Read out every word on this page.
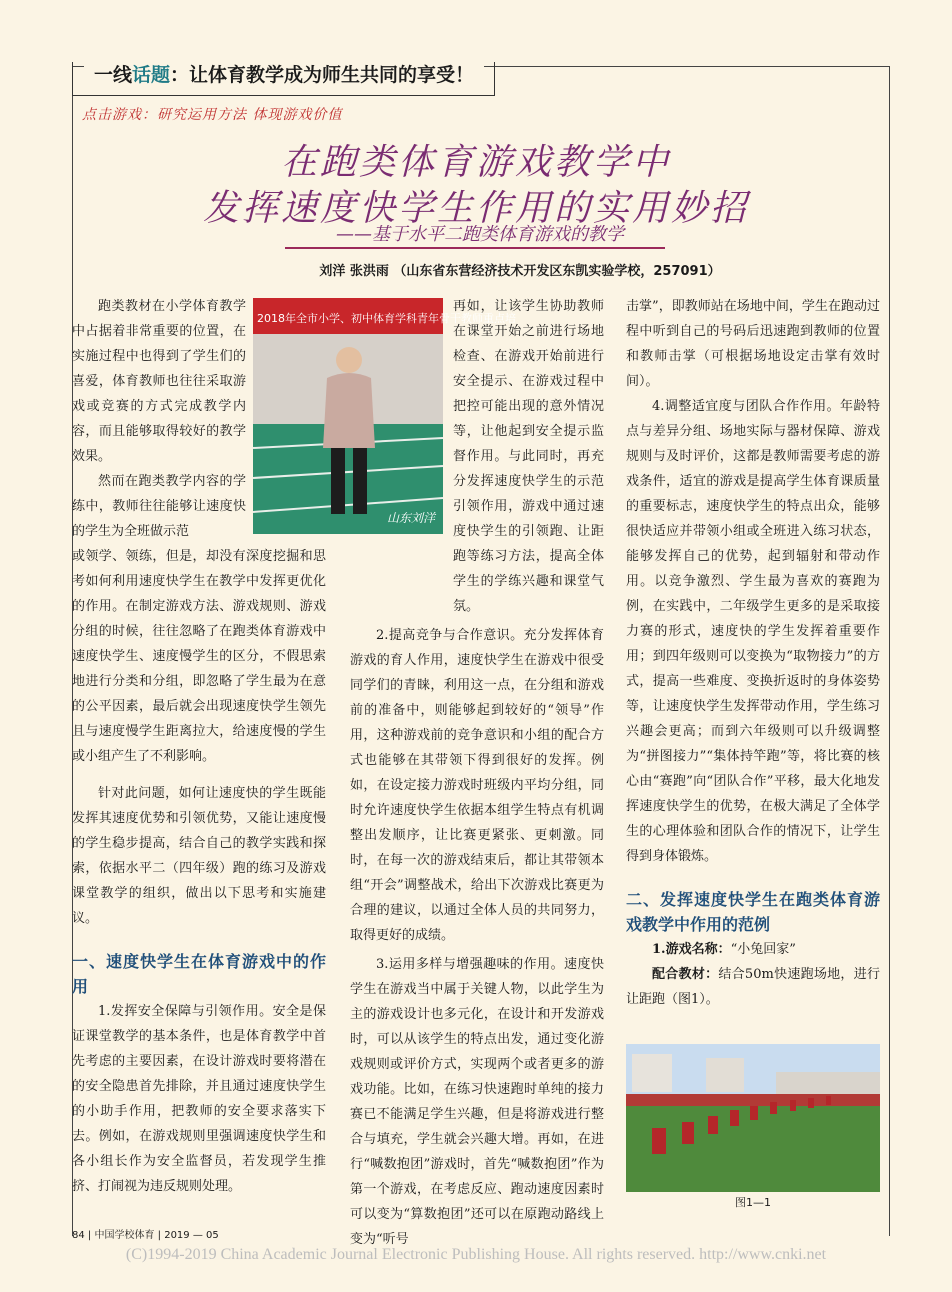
一线话题：让体育教学成为师生共同的享受！
点击游戏：研究运用方法 体现游戏价值
在跑类体育游戏教学中
发挥速度快学生作用的实用妙招
——基于水平二跑类体育游戏的教学
刘洋 张洪雨 （山东省东营经济技术开发区东凯实验学校，257091）

跑类教材在小学体育教学中占据着非常重要的位置，在实施过程中也得到了学生们的喜爱，体育教师也往往采取游戏或竞赛的方式完成教学内容，而且能够取得较好的教学效果。

然而在跑类教学内容的学练中，教师往往能够让速度快的学生为全班做示范

或领学、领练，但是，却没有深度挖掘和思考如何利用速度快学生在教学中发挥更优化的作用。在制定游戏方法、游戏规则、游戏分组的时候，往往忽略了在跑类体育游戏中速度快学生、速度慢学生的区分，不假思索地进行分类和分组，即忽略了学生最为在意的公平因素，最后就会出现速度快学生领先且与速度慢学生距离拉大，给速度慢的学生或小组产生了不利影响。

针对此问题，如何让速度快的学生既能发挥其速度优势和引领优势，又能让速度慢的学生稳步提高，结合自己的教学实践和探索，依据水平二（四年级）跑的练习及游戏课堂教学的组织，做出以下思考和实施建议。

一、速度快学生在体育游戏中的作用

1.发挥安全保障与引领作用。安全是保证课堂教学的基本条件，也是体育教学中首先考虑的主要因素，在设计游戏时要将潜在的安全隐患首先排除，并且通过速度快学生的小助手作用，把教师的安全要求落实下去。例如，在游戏规则里强调速度快学生和各小组长作为安全监督员，若发现学生推挤、打闹视为违反规则处理。

2018年全市小学、初中体育学科青年骨干教师重点培
山东刘洋

再如，让该学生协助教师在课堂开始之前进行场地检查、在游戏开始前进行安全提示、在游戏过程中把控可能出现的意外情况等，让他起到安全提示监督作用。与此同时，再充分发挥速度快学生的示范引领作用，游戏中通过速度快学生的引领跑、让距跑等练习方法，提高全体学生的学练兴趣和课堂气氛。

2.提高竞争与合作意识。充分发挥体育游戏的育人作用，速度快学生在游戏中很受同学们的青睐，利用这一点，在分组和游戏前的准备中，则能够起到较好的“领导”作用，这种游戏前的竞争意识和小组的配合方式也能够在其带领下得到很好的发挥。例如，在设定接力游戏时班级内平均分组，同时允许速度快学生依据本组学生特点有机调整出发顺序，让比赛更紧张、更刺激。同时，在每一次的游戏结束后，都让其带领本组“开会”调整战术，给出下次游戏比赛更为合理的建议，以通过全体人员的共同努力，取得更好的成绩。

3.运用多样与增强趣味的作用。速度快学生在游戏当中属于关键人物，以此学生为主的游戏设计也多元化，在设计和开发游戏时，可以从该学生的特点出发，通过变化游戏规则或评价方式，实现两个或者更多的游戏功能。比如，在练习快速跑时单纯的接力赛已不能满足学生兴趣，但是将游戏进行整合与填充，学生就会兴趣大增。再如，在进行“喊数抱团”游戏时，首先“喊数抱团”作为第一个游戏，在考虑反应、跑动速度因素时可以变为“算数抱团”还可以在原跑动路线上变为“听号

击掌”，即教师站在场地中间，学生在跑动过程中听到自己的号码后迅速跑到教师的位置和教师击掌（可根据场地设定击掌有效时间）。

4.调整适宜度与团队合作作用。年龄特点与差异分组、场地实际与器材保障、游戏规则与及时评价，这都是教师需要考虑的游戏条件，适宜的游戏是提高学生体育课质量的重要标志，速度快学生的特点出众，能够很快适应并带领小组或全班进入练习状态，能够发挥自己的优势，起到辐射和带动作用。以竞争激烈、学生最为喜欢的赛跑为例，在实践中，二年级学生更多的是采取接力赛的形式，速度快的学生发挥着重要作用；到四年级则可以变换为“取物接力”的方式，提高一些难度、变换折返时的身体姿势等，让速度快学生发挥带动作用，学生练习兴趣会更高；而到六年级则可以升级调整为“拼图接力”“集体持竿跑”等，将比赛的核心由“赛跑”向“团队合作”平移，最大化地发挥速度快学生的优势，在极大满足了全体学生的心理体验和团队合作的情况下，让学生得到身体锻炼。

二、发挥速度快学生在跑类体育游戏教学中作用的范例

1.游戏名称：“小兔回家”

配合教材：结合50m快速跑场地，进行让距跑（图1）。

图1—1
84 | 中国学校体育 | 2019 — 05
(C)1994-2019 China Academic Journal Electronic Publishing House. All rights reserved. http://www.cnki.net
